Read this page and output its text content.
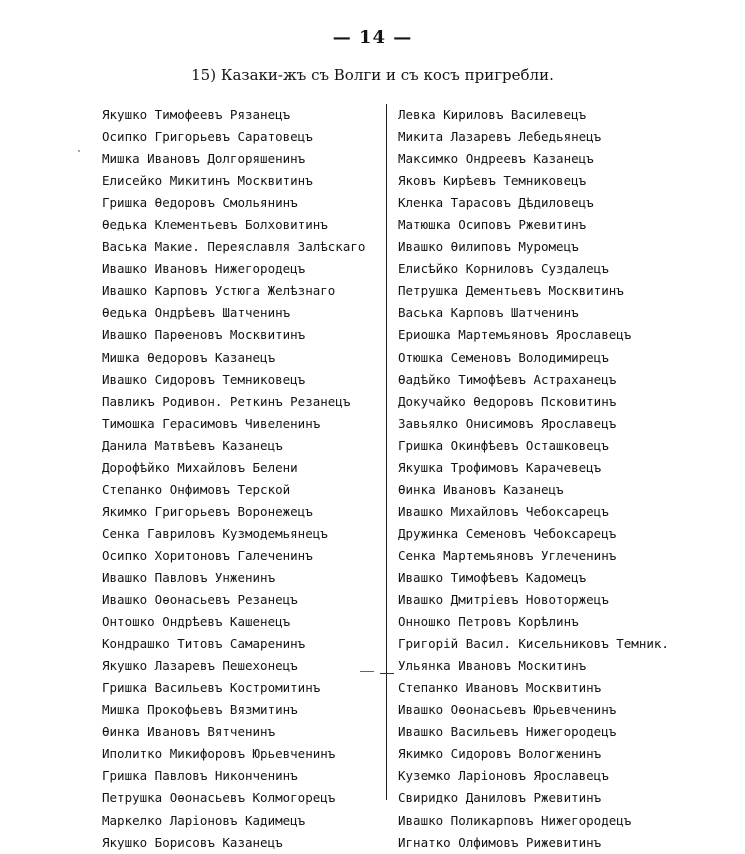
— 14 —
15) Казаки-жъ съ Волги и съ косъ пригребли.
Якушко Тимофеевъ Рязанецъ
Осипко Григорьевъ Саратовецъ
Мишка Ивановъ Долгоряшенинъ
Елисейко Микитинъ Москвитинъ
Гришка Ѳедоровъ Смольянинъ
Ѳедька Клементьевъ Болховитинъ
Васька Макие. Переяславля Залѣскаго
Ивашко Ивановъ Нижегородецъ
Ивашко Карповъ Устюга Желѣзнаго
Ѳедька Ондрѣевъ Шатченинъ
Ивашко Парѳеновъ Москвитинъ
Мишка Ѳедоровъ Казанецъ
Ивашко Сидоровъ Темниковецъ
Павликъ Родивон. Реткинъ Резанецъ
Тимошка Герасимовъ Чивеленинъ
Данила Матвѣевъ Казанецъ
Дорофѣйко Михайловъ Белени
Степанко Онфимовъ Терской
Якимко Григорьевъ Воронежецъ
Сенка Гавриловъ Кузмодемьянецъ
Осипко Хоритоновъ Галеченинъ
Ивашко Павловъ Унженинъ
Ивашко Оѳонасьевъ Резанецъ
Онтошко Ондрѣевъ Кашенецъ
Кондрашко Титовъ Самаренинъ
Якушко Лазаревъ Пешехонецъ
Гришка Васильевъ Костромитинъ
Мишка Прокофьевъ Вязмитинъ
Ѳинка Ивановъ Вятченинъ
Иполитко Микифоровъ Юрьевченинъ
Гришка Павловъ Никонченинъ
Петрушка Оѳонасьевъ Колмогорецъ
Маркелко Ларіоновъ Кадимецъ
Якушко Борисовъ Казанецъ
Левка Кириловъ Василевецъ
Микита Лазаревъ Лебедьянецъ
Максимко Ондреевъ Казанецъ
Яковъ Кирѣевъ Темниковецъ
Кленка Тарасовъ Дѣдиловецъ
Матюшка Осиповъ Ржевитинъ
Ивашко Ѳилиповъ Муромецъ
Елисѣйко Корниловъ Суздалецъ
Петрушка Дементьевъ Москвитинъ
Васька Карповъ Шатченинъ
Ериошка Мартемьяновъ Ярославецъ
Отюшка Семеновъ Володимирецъ
Ѳадѣйко Тимофѣевъ Астраханецъ
Докучайко Ѳедоровъ Псковитинъ
Завьялко Онисимовъ Ярославецъ
Гришка Окинфѣевъ Осташковецъ
Якушка Трофимовъ Карачевецъ
Ѳинка Ивановъ Казанецъ
Ивашко Михайловъ Чебоксарецъ
Дружинка Семеновъ Чебоксарецъ
Сенка Мартемьяновъ Углеченинъ
Ивашко Тимофѣевъ Кадомецъ
Ивашко Дмитріевъ Новоторжецъ
Онношко Петровъ Корѣлинъ
Григорій Васил. Кисельниковъ Темник.
Ульянка Ивановъ Москитинъ
Степанко Ивановъ Москвитинъ
Ивашко Оѳонасьевъ Юрьевченинъ
Ивашко Васильевъ Нижегородецъ
Якимко Сидоровъ Вологженинъ
Куземко Ларіоновъ Ярославецъ
Свиридко Даниловъ Ржевитинъ
Ивашко Поликарповъ Нижегородецъ
Игнатко Олфимовъ Рижевитинъ
